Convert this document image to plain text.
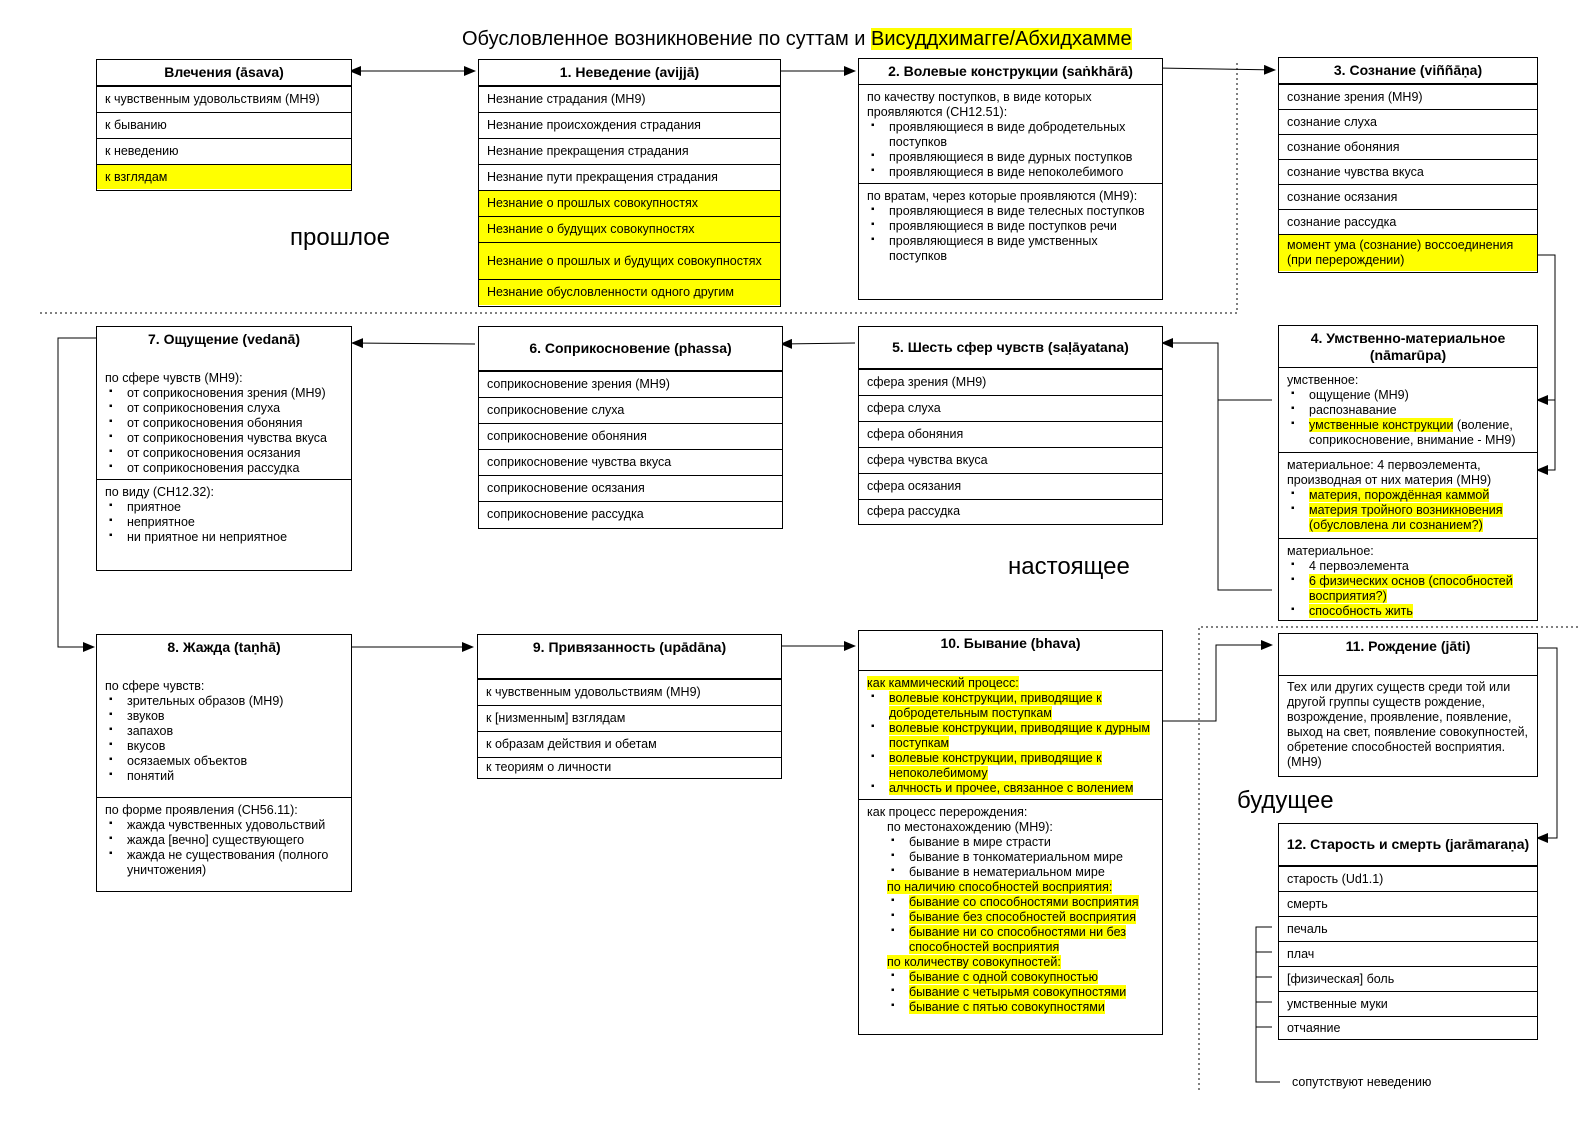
Обусловленное возникновение по суттам и Висуддхимагге/Абхидхамме
прошлое
настоящее
будущее
Влечения (āsava)
к чувственным удовольствиям (МН9)
к быванию
к неведению
к взглядам
1. Неведение (avijjā)
Незнание страдания (МН9)
Незнание происхождения страдания
Незнание прекращения страдания
Незнание пути прекращения страдания
Незнание о прошлых совокупностях
Незнание о будущих совокупностях
Незнание о прошлых и будущих совокупностях
Незнание обусловленности одного другим
2. Волевые конструкции (saṅkhārā)
по качеству поступков, в виде которых проявляются (СН12.51):
▪ проявляющиеся в виде добродетельных поступков
▪ проявляющиеся в виде дурных поступков
▪ проявляющиеся в виде непоколебимого
по вратам, через которые проявляются (МН9):
▪ проявляющиеся в виде телесных поступков
▪ проявляющиеся в виде поступков речи
▪ проявляющиеся в виде умственных поступков
3. Сознание (viññāṇa)
сознание зрения (МН9)
сознание слуха
сознание обоняния
сознание чувства вкуса
сознание осязания
сознание рассудка
момент ума (сознание) воссоединения (при перерождении)
4. Умственно-материальное (nāmarūpa)
умственное:
▪ ощущение (МН9)
▪ распознавание
▪ умственные конструкции (воление, соприкосновение, внимание - МН9)
материальное: 4 первоэлемента, производная от них материя (МН9)
▪ материя, порождённая каммой
▪ материя тройного возникновения (обусловлена ли сознанием?)
материальное:
▪ 4 первоэлемента
▪ 6 физических основ (способностей восприятия?)
▪ способность жить
5. Шесть сфер чувств (saḷāyatana)
сфера зрения (МН9)
сфера слуха
сфера обоняния
сфера чувства вкуса
сфера осязания
сфера рассудка
6. Соприкосновение (phassa)
соприкосновение зрения (МН9)
соприкосновение слуха
соприкосновение обоняния
соприкосновение чувства вкуса
соприкосновение осязания
соприкосновение рассудка
7. Ощущение (vedanā)
по сфере чувств (МН9):
▪ от соприкосновения зрения (МН9)
▪ от соприкосновения слуха
▪ от соприкосновения обоняния
▪ от соприкосновения чувства вкуса
▪ от соприкосновения осязания
▪ от соприкосновения рассудка
по виду (СН12.32):
▪ приятное
▪ неприятное
▪ ни приятное ни неприятное
8. Жажда (taṇhā)
по сфере чувств:
▪ зрительных образов (МН9)
▪ звуков
▪ запахов
▪ вкусов
▪ осязаемых объектов
▪ понятий
по форме проявления (СН56.11):
▪ жажда чувственных удовольствий
▪ жажда [вечно] существующего
▪ жажда не существования (полного уничтожения)
9. Привязанность (upādāna)
к чувственным удовольствиям (МН9)
к [низменным] взглядам
к образам действия и обетам
к теориям о личности
10. Бывание (bhava)
как каммический процесс:
▪ волевые конструкции, приводящие к добродетельным поступкам
▪ волевые конструкции, приводящие к дурным поступкам
▪ волевые конструкции, приводящие к непоколебимому
▪ алчность и прочее, связанное с волением
как процесс перерождения:
по местонахождению (МН9):
▪ бывание в мире страсти
▪ бывание в тонкоматериальном мире
▪ бывание в нематериальном мире
по наличию способностей восприятия:
▪ бывание со способностями восприятия
▪ бывание без способностей восприятия
▪ бывание ни со способностями ни без способностей восприятия
по количеству совокупностей:
▪ бывание с одной совокупностью
▪ бывание с четырьмя совокупностями
▪ бывание с пятью совокупностями
11. Рождение (jāti)
Тех или других существ среди той или другой группы существ рождение, возрождение, проявление, появление, выход на свет, появление совокупностей, обретение способностей восприятия. (МН9)
12. Старость и смерть (jarāmaraṇa)
старость (Ud1.1)
смерть
печаль
плач
[физическая] боль
умственные муки
отчаяние
сопутствуют неведению
